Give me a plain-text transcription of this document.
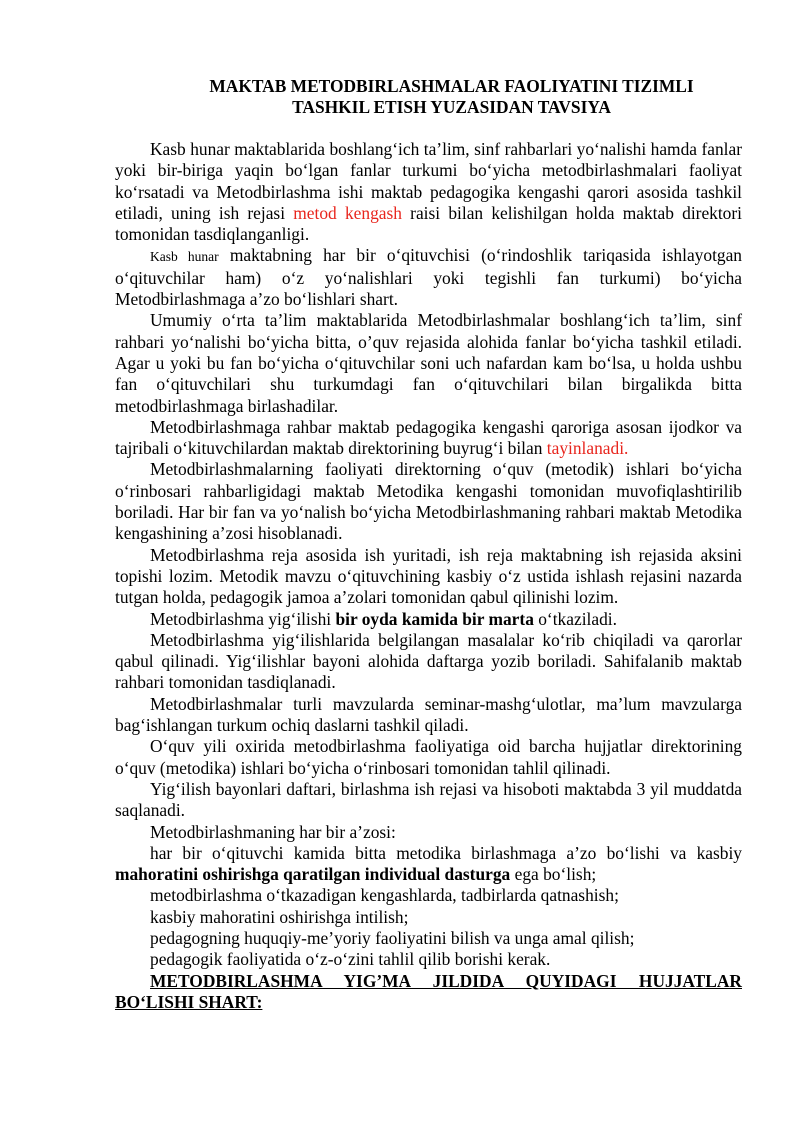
MAKTAB METODBIRLASHMALAR FAOLIYATINI TIZIMLI
TASHKIL ETISH YUZASIDAN TAVSIYA

Kasb hunar maktablarida boshlang‘ich ta’lim, sinf rahbarlari yo‘nalishi hamda fanlar yoki bir-biriga yaqin bo‘lgan fanlar turkumi bo‘yicha metodbirlashmalari faoliyat ko‘rsatadi va Metodbirlashma ishi maktab pedagogika kengashi qarori asosida tashkil etiladi, uning ish rejasi metod kengash raisi bilan kelishilgan holda maktab direktori tomonidan tasdiqlanganligi.

Kasb hunar maktabning har bir o‘qituvchisi (o‘rindoshlik tariqasida ishlayotgan o‘qituvchilar ham) o‘z yo‘nalishlari yoki tegishli fan turkumi) bo‘yicha Metodbirlashmaga a’zo bo‘lishlari shart.

Umumiy o‘rta ta’lim maktablarida Metodbirlashmalar boshlang‘ich ta’lim, sinf rahbari yo‘nalishi bo‘yicha bitta, o’quv rejasida alohida fanlar bo‘yicha tashkil etiladi. Agar u yoki bu fan bo‘yicha o‘qituvchilar soni uch nafardan kam bo‘lsa, u holda ushbu fan o‘qituvchilari shu turkumdagi fan o‘qituvchilari bilan birgalikda bitta metodbirlashmaga birlashadilar.

Metodbirlashmaga rahbar maktab pedagogika kengashi qaroriga asosan ijodkor va tajribali o‘kituvchilardan maktab direktorining buyrug‘i bilan tayinlanadi.

Metodbirlashmalarning faoliyati direktorning o‘quv (metodik) ishlari bo‘yicha o‘rinbosari rahbarligidagi maktab Metodika kengashi tomonidan muvofiqlashtirilib boriladi. Har bir fan va yo‘nalish bo‘yicha Metodbirlashmaning rahbari maktab Metodika kengashining a’zosi hisoblanadi.

Metodbirlashma reja asosida ish yuritadi, ish reja maktabning ish rejasida aksini topishi lozim. Metodik mavzu o‘qituvchining kasbiy o‘z ustida ishlash rejasini nazarda tutgan holda, pedagogik jamoa a’zolari tomonidan qabul qilinishi lozim.

Metodbirlashma yig‘ilishi bir oyda kamida bir marta o‘tkaziladi.

Metodbirlashma yig‘ilishlarida belgilangan masalalar ko‘rib chiqiladi va qarorlar qabul qilinadi. Yig‘ilishlar bayoni alohida daftarga yozib boriladi. Sahifalanib maktab rahbari tomonidan tasdiqlanadi.

Metodbirlashmalar turli mavzularda seminar-mashg‘ulotlar, ma’lum mavzularga bag‘ishlangan turkum ochiq daslarni tashkil qiladi.

O‘quv yili oxirida metodbirlashma faoliyatiga oid barcha hujjatlar direktorining o‘quv (metodika) ishlari bo‘yicha o‘rinbosari tomonidan tahlil qilinadi.

Yig‘ilish bayonlari daftari, birlashma ish rejasi va hisoboti maktabda 3 yil muddatda saqlanadi.

Metodbirlashmaning har bir a’zosi:

har bir o‘qituvchi kamida bitta metodika birlashmaga a’zo bo‘lishi va kasbiy mahoratini oshirishga qaratilgan individual dasturga ega bo‘lish;

metodbirlashma o‘tkazadigan kengashlarda, tadbirlarda qatnashish;

kasbiy mahoratini oshirishga intilish;

pedagogning huquqiy-me’yoriy faoliyatini bilish va unga amal qilish;

pedagogik faoliyatida o‘z-o‘zini tahlil qilib borishi kerak.

METODBIRLASHMA YIG’MA JILDIDA QUYIDAGI HUJJATLAR BO‘LISHI SHART:
